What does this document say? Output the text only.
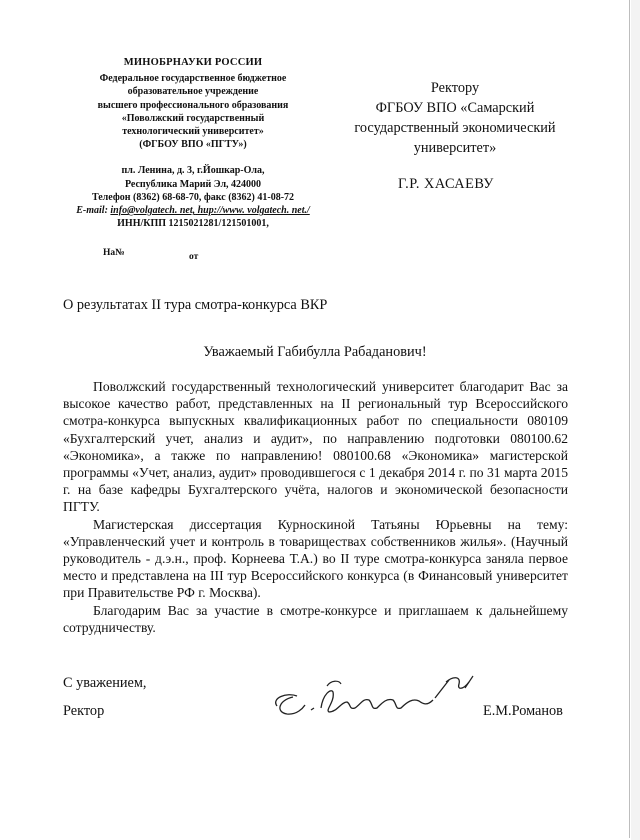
МИНОБРНАУКИ РОССИИ
Федеральное государственное бюджетное
образовательное учреждение
высшего профессионального образования
«Поволжский государственный
технологический университет»
(ФГБОУ ВПО «ПГТУ»)
пл. Ленина, д. 3, г.Йошкар-Ола,
Республика Марий Эл, 424000
Телефон (8362) 68-68-70, факс (8362) 41-08-72
E-mail: info@volgatech. net, hup://www. volgatech. net./
ИНН/КПП 1215021281/121501001,
На№	от
Ректору
ФГБОУ ВПО «Самарский
государственный экономический
университет»
Г.Р. ХАСАЕВУ
О результатах II тура смотра-конкурса ВКР
Уважаемый Габибулла Рабаданович!

Поволжский государственный технологический университет благодарит Вас за высокое качество работ, представленных на II региональный тур Всероссийского смотра-конкурса выпускных квалификационных работ по специальности 080109 «Бухгалтерский учет, анализ и аудит», по направлению подготовки 080100.62 «Экономика», а также по направлению! 080100.68 «Экономика» магистерской программы «Учет, анализ, аудит» проводившегося с 1 декабря 2014 г. по 31 марта 2015 г. на базе кафедры Бухгалтерского учёта, налогов и экономической безопасности ПГТУ.

Магистерская диссертация Курноскиной Татьяны Юрьевны на тему: «Управленческий учет и контроль в товариществах собственников жилья». (Научный руководитель - д.э.н., проф. Корнеева Т.А.) во II туре смотра-конкурса заняла первое место и представлена на III тур Всероссийского конкурса (в Финансовый университет при Правительстве РФ г. Москва).

Благодарим Вас за участие в смотре-конкурсе и приглашаем к дальнейшему сотрудничеству.

С уважением,
Ректор	Е.М.Романов
